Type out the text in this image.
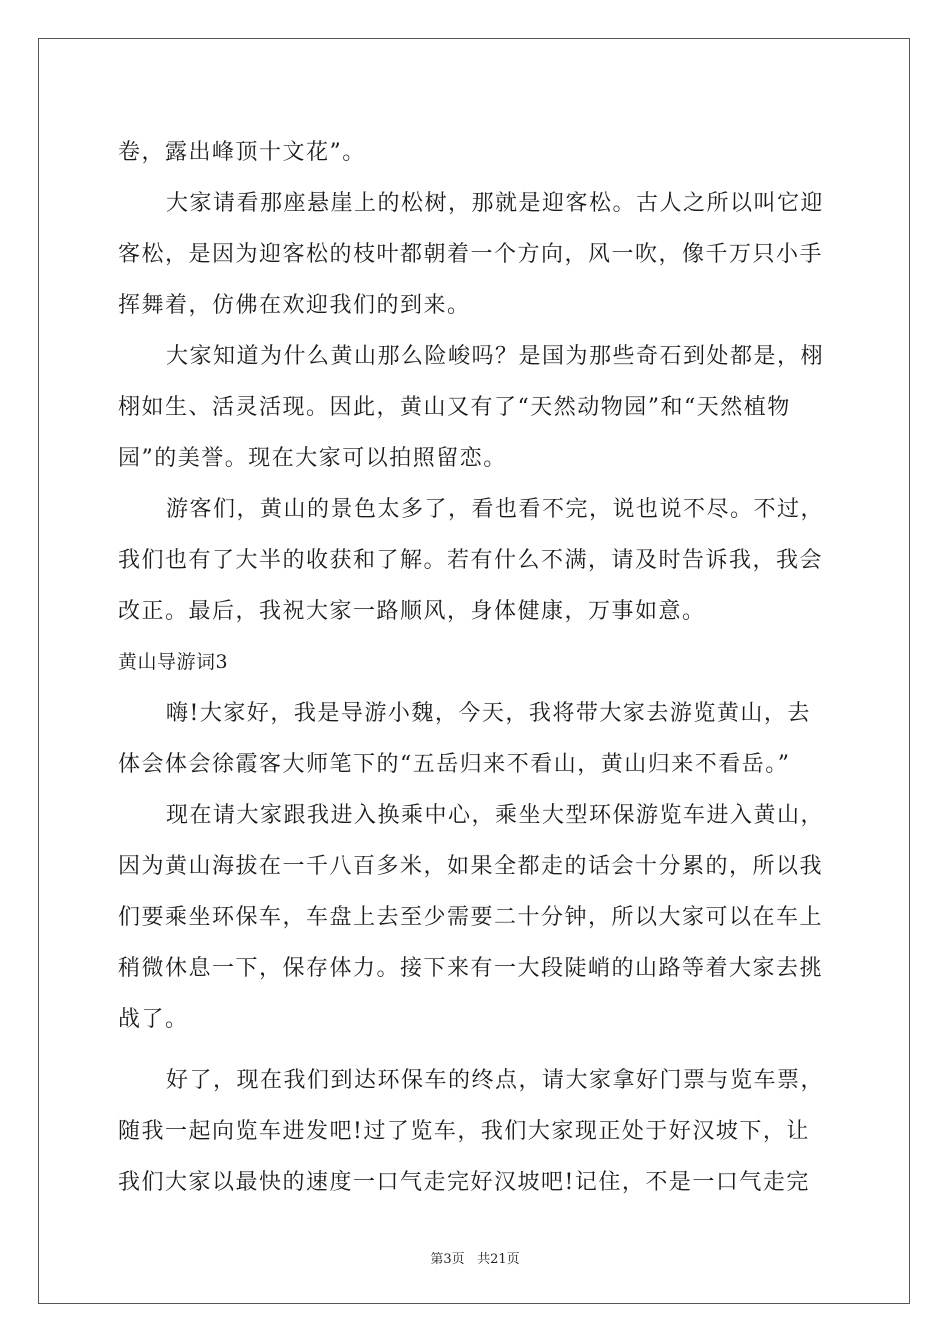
卷，露出峰顶十文花”。
大家请看那座悬崖上的松树，那就是迎客松。古人之所以叫它迎
客松，是因为迎客松的枝叶都朝着一个方向，风一吹，像千万只小手
挥舞着，仿佛在欢迎我们的到来。
大家知道为什么黄山那么险峻吗？是国为那些奇石到处都是，栩
栩如生、活灵活现。因此，黄山又有了“天然动物园”和“天然植物
园”的美誉。现在大家可以拍照留恋。
游客们，黄山的景色太多了，看也看不完，说也说不尽。不过，
我们也有了大半的收获和了解。若有什么不满，请及时告诉我，我会
改正。最后，我祝大家一路顺风，身体健康，万事如意。
黄山导游词3
嗨!大家好，我是导游小魏，今天，我将带大家去游览黄山，去
体会体会徐霞客大师笔下的“五岳归来不看山，黄山归来不看岳。”
现在请大家跟我进入换乘中心，乘坐大型环保游览车进入黄山，
因为黄山海拔在一千八百多米，如果全都走的话会十分累的，所以我
们要乘坐环保车，车盘上去至少需要二十分钟，所以大家可以在车上
稍微休息一下，保存体力。接下来有一大段陡峭的山路等着大家去挑
战了。
好了，现在我们到达环保车的终点，请大家拿好门票与览车票，
随我一起向览车进发吧!过了览车，我们大家现正处于好汉坡下，让
我们大家以最快的速度一口气走完好汉坡吧!记住，不是一口气走完
第3页 共21页
